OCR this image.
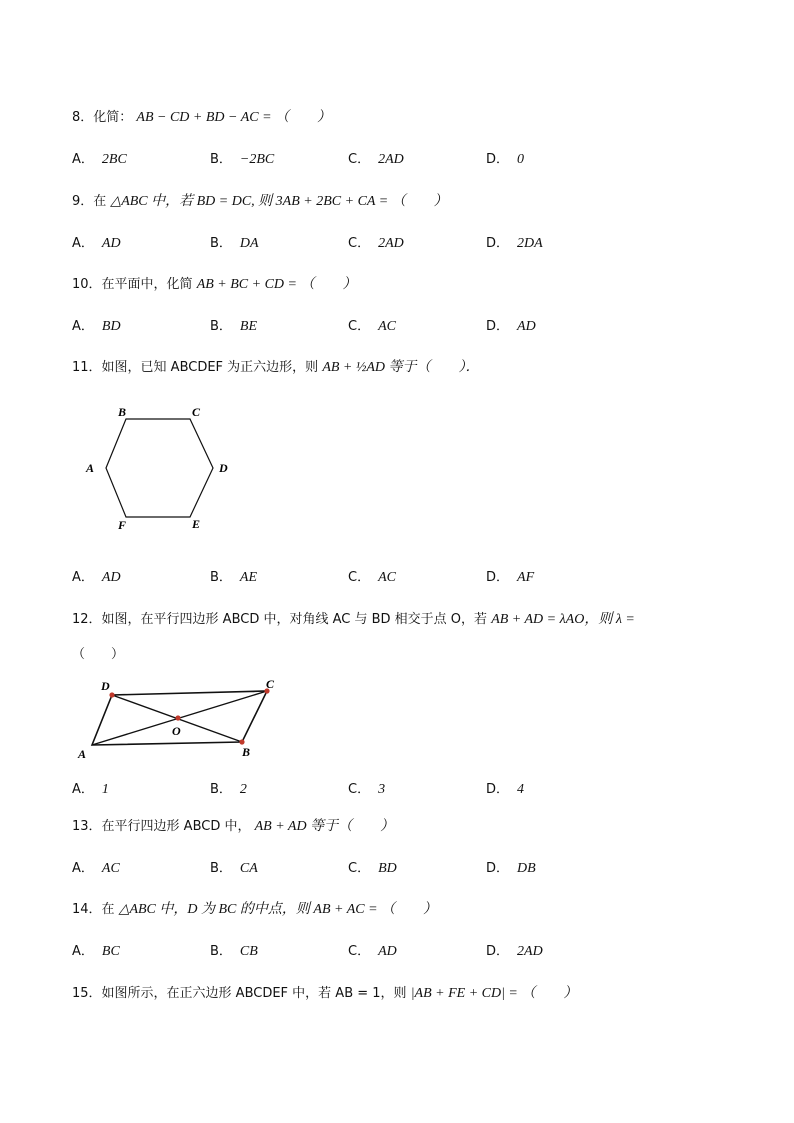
8．化简： AB − CD + BD − AC = （　　）
A． 2BC	B． −2BC	C． 2AD	D． 0
9．在 △ABC 中，若 BD = DC, 则 3AB + 2BC + CA = （　　）
A． AD	B． DA	C． 2AD	D． 2DA
10．在平面中，化简 AB + BC + CD = （　　）
A． BD	B． BE	C． AC	D． AD
11．如图，已知 ABCDEF 为正六边形，则 AB + ½AD 等于（　　）．
A
B	C
D
E
F
A． AD	B． AE	C． AC	D． AF
12．如图，在平行四边形 ABCD 中，对角线 AC 与 BD 相交于点 O，若 AB + AD = λAO，则 λ =
（　　）
A	B
C
D
O
A． 1	B． 2	C． 3	D． 4
13．在平行四边形 ABCD 中， AB + AD 等于（　　）
A． AC	B． CA	C． BD	D． DB
14．在 △ABC 中，D 为 BC 的中点，则 AB + AC = （　　）
A． BC	B． CB	C． AD	D． 2AD
15．如图所示，在正六边形 ABCDEF 中，若 AB = 1，则 |AB + FE + CD| = （　　）
